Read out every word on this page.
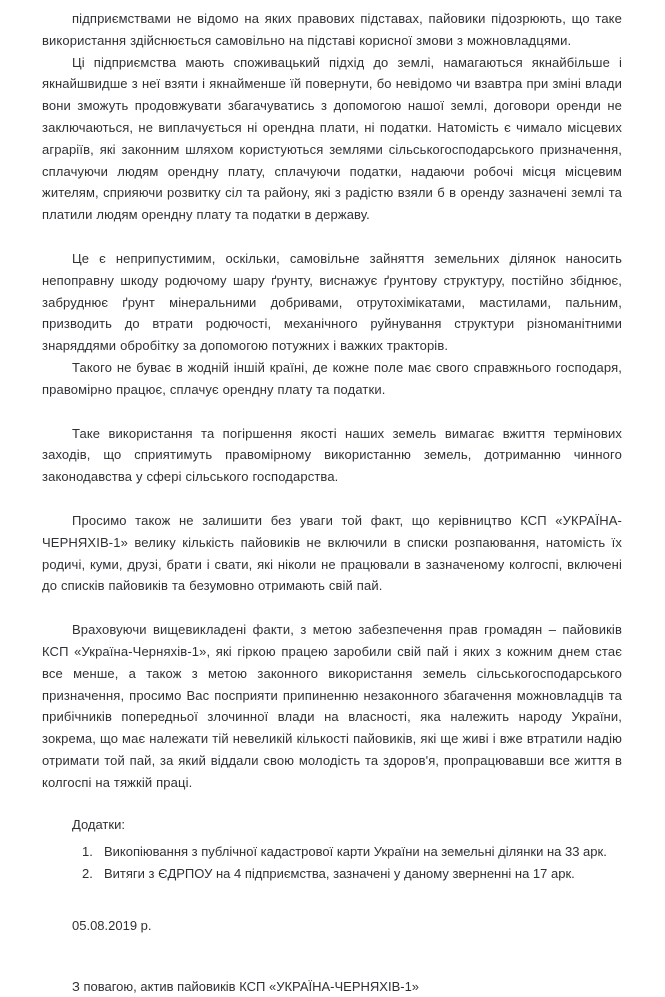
підприємствами не відомо на яких правових підставах, пайовики підозрюють, що таке використання здійснюється самовільно на підставі корисної змови з можновладцями.

Ці підприємства мають споживацький підхід до землі, намагаються якнайбільше і якнайшвидше з неї взяти і якнайменше їй повернути, бо невідомо чи взавтра при зміні влади вони зможуть продовжувати збагачуватись з допомогою нашої землі, договори оренди не заключаються, не виплачується ні орендна плати, ні податки. Натомість є чимало місцевих аграріїв, які законним шляхом користуються землями сільськогосподарського призначення, сплачуючи людям орендну плату, сплачуючи податки, надаючи робочі місця місцевим жителям, сприяючи розвитку сіл та району, які з радістю взяли б в оренду зазначені землі та платили людям орендну плату та податки в державу.

Це є неприпустимим, оскільки, самовільне зайняття земельних ділянок наносить непоправну шкоду родючому шару ґрунту, виснажує ґрунтову структуру, постійно збіднює, забруднює ґрунт мінеральними добривами, отрутохімікатами, мастилами, пальним, призводить до втрати родючості, механічного руйнування структури різноманітними знаряддями обробітку за допомогою потужних і важких тракторів.

Такого не буває в жодній іншій країні, де кожне поле має свого справжнього господаря, правомірно працює, сплачує орендну плату та податки.

Таке використання та погіршення якості наших земель вимагає вжиття термінових заходів, що сприятимуть правомірному використанню земель, дотриманню чинного законодавства у сфері сільського господарства.

Просимо також не залишити без уваги той факт, що керівництво КСП «УКРАЇНА-ЧЕРНЯХІВ-1» велику кількість пайовиків не включили в списки розпаювання, натомість їх родичі, куми, друзі, брати і свати, які ніколи не працювали в зазначеному колгоспі, включені до списків пайовиків та безумовно отримають свій пай.

Враховуючи вищевикладені факти, з метою забезпечення прав громадян – пайовиків КСП «Україна-Черняхів-1», які гіркою працею заробили свій пай і яких з кожним днем стає все менше, а також з метою законного використання земель сільськогосподарського призначення, просимо Вас посприяти припиненню незаконного збагачення можновладців та прибічників попередньої злочинної влади на власності, яка належить народу України, зокрема, що має належати тій невеликій кількості пайовиків, які ще живі і вже втратили надію отримати той пай, за який віддали свою молодість та здоров'я, пропрацювавши все життя в колгоспі на тяжкій праці.

Додатки:

Викопіювання з публічної кадастрової карти України на земельні ділянки на 33 арк.
Витяги з ЄДРПОУ на 4 підприємства, зазначені у даному зверненні на 17 арк.

05.08.2019 р.

З повагою, актив пайовиків КСП «УКРАЇНА-ЧЕРНЯХІВ-1»
